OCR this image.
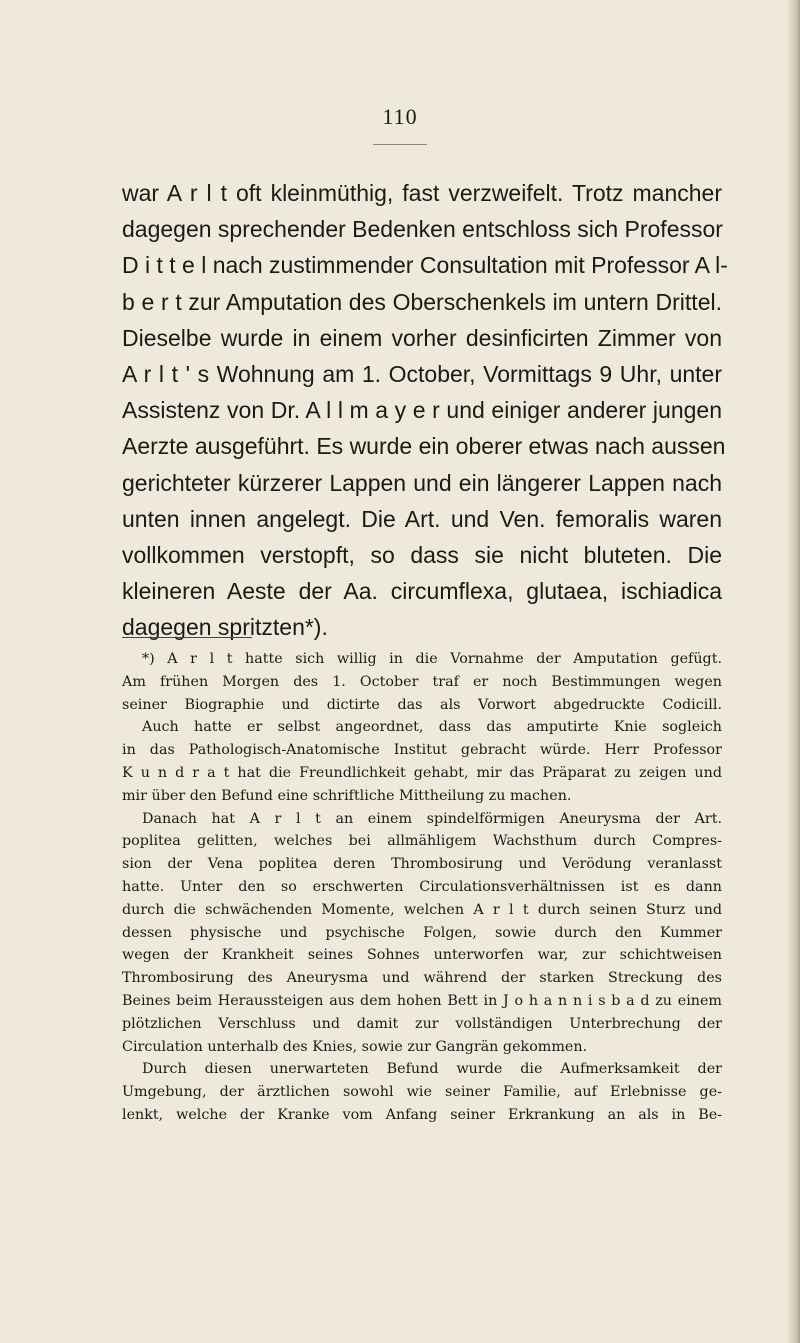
110
war A r l t oft kleinmüthig, fast verzweifelt. Trotz mancher
dagegen sprechender Bedenken entschloss sich Professor
D i t t e l nach zustimmender Consultation mit Professor A l-
b e r t zur Amputation des Oberschenkels im untern Drittel.
Dieselbe wurde in einem vorher desinficirten Zimmer von
A r l t ' s Wohnung am 1. October, Vormittags 9 Uhr, unter
Assistenz von Dr. A l l m a y e r und einiger anderer jungen
Aerzte ausgeführt. Es wurde ein oberer etwas nach aussen
gerichteter kürzerer Lappen und ein längerer Lappen nach
unten innen angelegt. Die Art. und Ven. femoralis waren
vollkommen verstopft, so dass sie nicht bluteten. Die
kleineren Aeste der Aa. circumflexa, glutaea, ischiadica
dagegen spritzten*).
*) A r l t hatte sich willig in die Vornahme der Amputation gefügt.
Am frühen Morgen des 1. October traf er noch Bestimmungen wegen
seiner Biographie und dictirte das als Vorwort abgedruckte Codicill.
Auch hatte er selbst angeordnet, dass das amputirte Knie sogleich
in das Pathologisch-Anatomische Institut gebracht würde. Herr Professor
K u n d r a t hat die Freundlichkeit gehabt, mir das Präparat zu zeigen und
mir über den Befund eine schriftliche Mittheilung zu machen.
Danach hat A r l t an einem spindelförmigen Aneurysma der Art.
poplitea gelitten, welches bei allmähligem Wachsthum durch Compres-
sion der Vena poplitea deren Thrombosirung und Verödung veranlasst
hatte. Unter den so erschwerten Circulationsverhältnissen ist es dann
durch die schwächenden Momente, welchen A r l t durch seinen Sturz und
dessen physische und psychische Folgen, sowie durch den Kummer
wegen der Krankheit seines Sohnes unterworfen war, zur schichtweisen
Thrombosirung des Aneurysma und während der starken Streckung des
Beines beim Heraussteigen aus dem hohen Bett in J o h a n n i s b a d zu einem
plötzlichen Verschluss und damit zur vollständigen Unterbrechung der
Circulation unterhalb des Knies, sowie zur Gangrän gekommen.
Durch diesen unerwarteten Befund wurde die Aufmerksamkeit der
Umgebung, der ärztlichen sowohl wie seiner Familie, auf Erlebnisse ge-
lenkt, welche der Kranke vom Anfang seiner Erkrankung an als in Be-
